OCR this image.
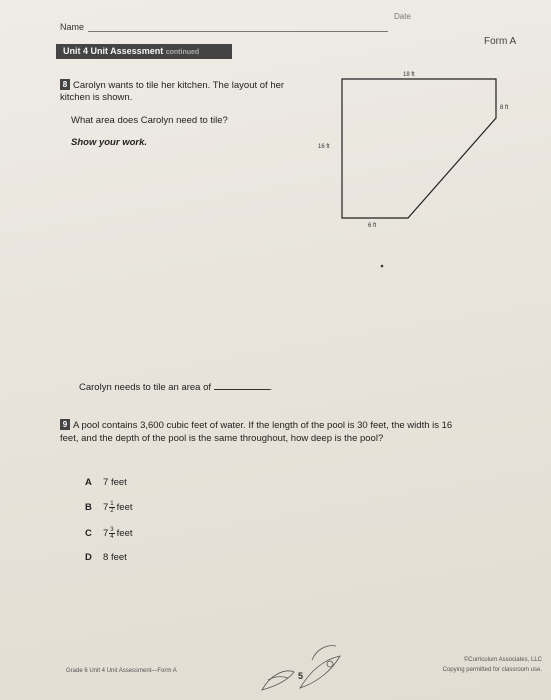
Name
Date
Form A
Unit 4 Unit Assessment continued
8 Carolyn wants to tile her kitchen. The layout of her kitchen is shown.
What area does Carolyn need to tile?
Show your work.
18 ft
8 ft
16 ft
6 ft
Carolyn needs to tile an area of	.
9 A pool contains 3,600 cubic feet of water. If the length of the pool is 30 feet, the width is 16 feet, and the depth of the pool is the same throughout, how deep is the pool?
A 7 feet
B $7 \frac{1}{2}$ feet
C $7 \frac{3}{4}$ feet
D 8 feet
Grade 6 Unit 4 Unit Assessment—Form A	5
©Curriculum Associates, LLC
Copying permitted for classroom use.
